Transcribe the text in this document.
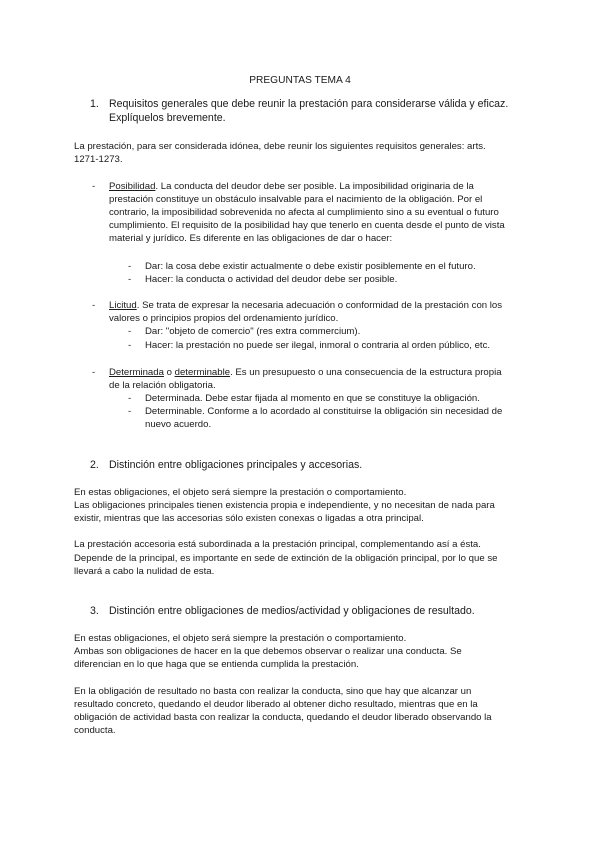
PREGUNTAS TEMA 4
1. Requisitos generales que debe reunir la prestación para considerarse válida y eficaz.
Explíquelos brevemente.
La prestación, para ser considerada idónea, debe reunir los siguientes requisitos generales: arts.
1271-1273.
- Posibilidad. La conducta del deudor debe ser posible. La imposibilidad originaria de la
prestación constituye un obstáculo insalvable para el nacimiento de la obligación. Por el
contrario, la imposibilidad sobrevenida no afecta al cumplimiento sino a su eventual o futuro
cumplimiento. El requisito de la posibilidad hay que tenerlo en cuenta desde el punto de vista
material y jurídico. Es diferente en las obligaciones de dar o hacer:
- Dar: la cosa debe existir actualmente o debe existir posiblemente en el futuro.
- Hacer: la conducta o actividad del deudor debe ser posible.
- Licitud. Se trata de expresar la necesaria adecuación o conformidad de la prestación con los
valores o principios propios del ordenamiento jurídico.
- Dar: "objeto de comercio" (res extra commercium).
- Hacer: la prestación no puede ser ilegal, inmoral o contraria al orden público, etc.
- Determinada o determinable. Es un presupuesto o una consecuencia de la estructura propia
de la relación obligatoria.
- Determinada. Debe estar fijada al momento en que se constituye la obligación.
- Determinable. Conforme a lo acordado al constituirse la obligación sin necesidad de
nuevo acuerdo.
2. Distinción entre obligaciones principales y accesorias.
En estas obligaciones, el objeto será siempre la prestación o comportamiento.
Las obligaciones principales tienen existencia propia e independiente, y no necesitan de nada para
existir, mientras que las accesorias sólo existen conexas o ligadas a otra principal.
La prestación accesoria está subordinada a la prestación principal, complementando así a ésta.
Depende de la principal, es importante en sede de extinción de la obligación principal, por lo que se
llevará a cabo la nulidad de esta.
3. Distinción entre obligaciones de medios/actividad y obligaciones de resultado.
En estas obligaciones, el objeto será siempre la prestación o comportamiento.
Ambas son obligaciones de hacer en la que debemos observar o realizar una conducta. Se
diferencian en lo que haga que se entienda cumplida la prestación.
En la obligación de resultado no basta con realizar la conducta, sino que hay que alcanzar un
resultado concreto, quedando el deudor liberado al obtener dicho resultado, mientras que en la
obligación de actividad basta con realizar la conducta, quedando el deudor liberado observando la
conducta.
